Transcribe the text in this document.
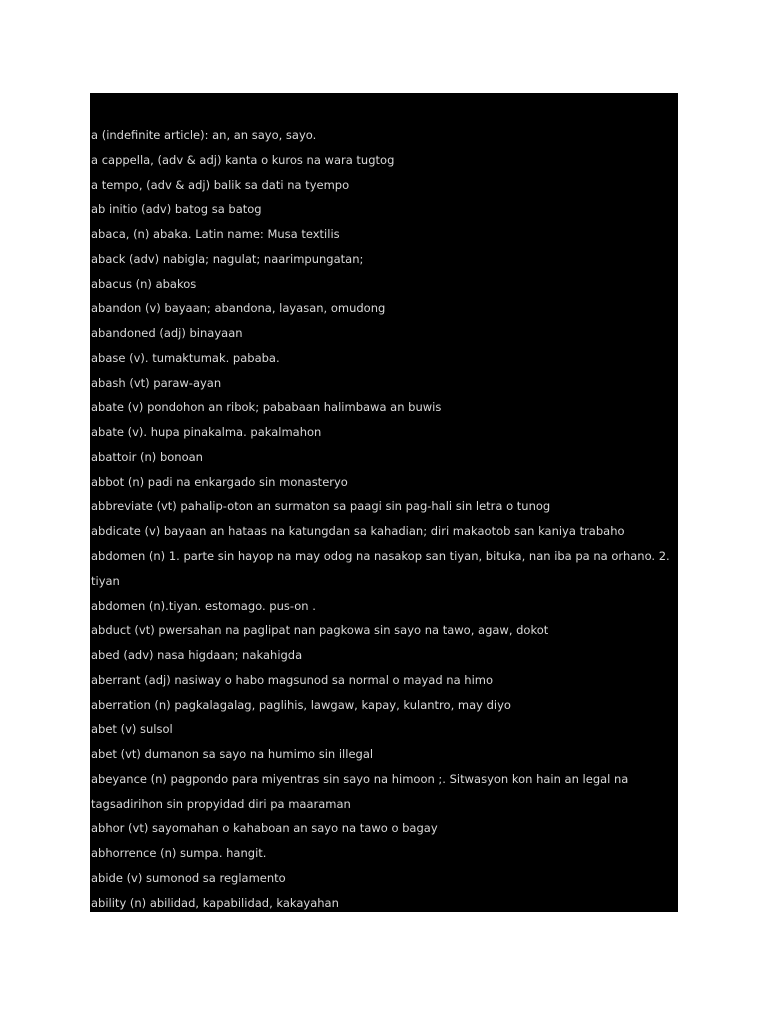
a (indefinite article): an, an sayo, sayo.
a cappella, (adv & adj) kanta o kuros na wara tugtog
a tempo, (adv & adj) balik sa dati na tyempo
ab initio (adv) batog sa batog
abaca, (n) abaka. Latin name: Musa textilis
aback (adv) nabigla; nagulat; naarimpungatan;
abacus (n) abakos
abandon (v) bayaan; abandona, layasan, omudong
abandoned (adj) binayaan
abase (v). tumaktumak. pababa.
abash (vt) paraw-ayan
abate (v) pondohon an ribok; pababaan halimbawa an buwis
abate (v). hupa pinakalma. pakalmahon
abattoir (n) bonoan
abbot (n) padi na enkargado sin monasteryo
abbreviate (vt) pahalip-oton an surmaton sa paagi sin pag-hali sin letra o tunog
abdicate (v) bayaan an hataas na katungdan sa kahadian; diri makaotob san kaniya trabaho
abdomen (n) 1. parte sin hayop na may odog na nasakop san tiyan, bituka, nan iba pa na orhano. 2.
tiyan
abdomen (n).tiyan. estomago. pus-on .
abduct (vt) pwersahan na paglipat nan pagkowa sin sayo na tawo, agaw, dokot
abed (adv) nasa higdaan; nakahigda
aberrant (adj) nasiway o habo magsunod sa normal o mayad na himo
aberration (n) pagkalagalag, paglihis, lawgaw, kapay, kulantro, may diyo
abet (v) sulsol
abet (vt) dumanon sa sayo na humimo sin illegal
abeyance (n) pagpondo para miyentras sin sayo na himoon ;. Sitwasyon kon hain an legal na
tagsadirihon sin propyidad diri pa maaraman
abhor (vt) sayomahan o kahaboan an sayo na tawo o bagay
abhorrence (n) sumpa. hangit.
abide (v) sumonod sa reglamento
ability (n) abilidad, kapabilidad, kakayahan
